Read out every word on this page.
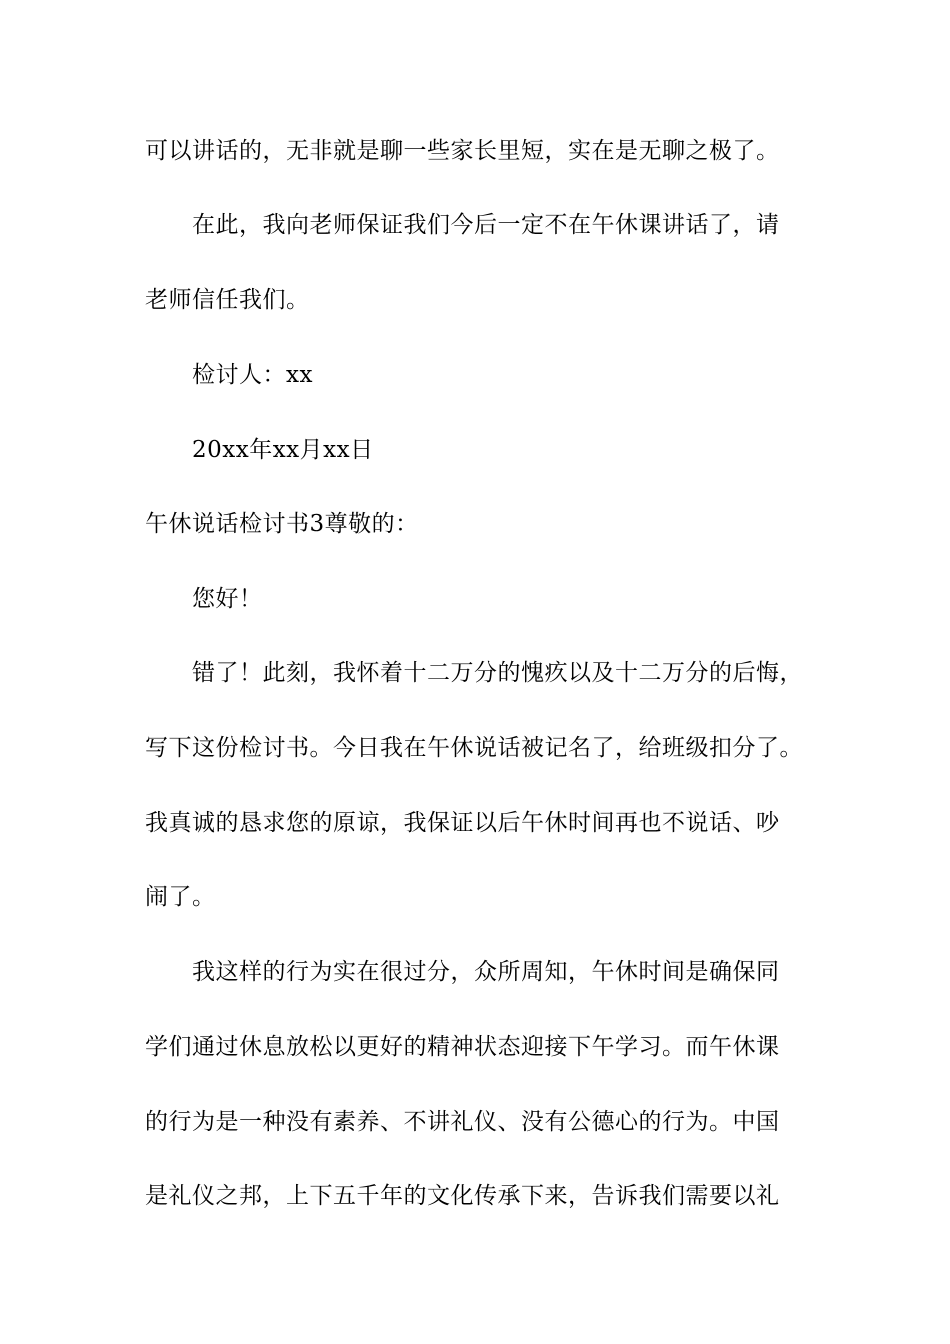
可以讲话的，无非就是聊一些家长里短，实在是无聊之极了。
在此，我向老师保证我们今后一定不在午休课讲话了，请
老师信任我们。
检讨人：xx
20xx年xx月xx日
午休说话检讨书3尊敬的：
您好！
错了！此刻，我怀着十二万分的愧疚以及十二万分的后悔，
写下这份检讨书。今日我在午休说话被记名了，给班级扣分了。
我真诚的恳求您的原谅，我保证以后午休时间再也不说话、吵
闹了。
我这样的行为实在很过分，众所周知，午休时间是确保同
学们通过休息放松以更好的精神状态迎接下午学习。而午休课
的行为是一种没有素养、不讲礼仪、没有公德心的行为。中国
是礼仪之邦，上下五千年的文化传承下来，告诉我们需要以礼
